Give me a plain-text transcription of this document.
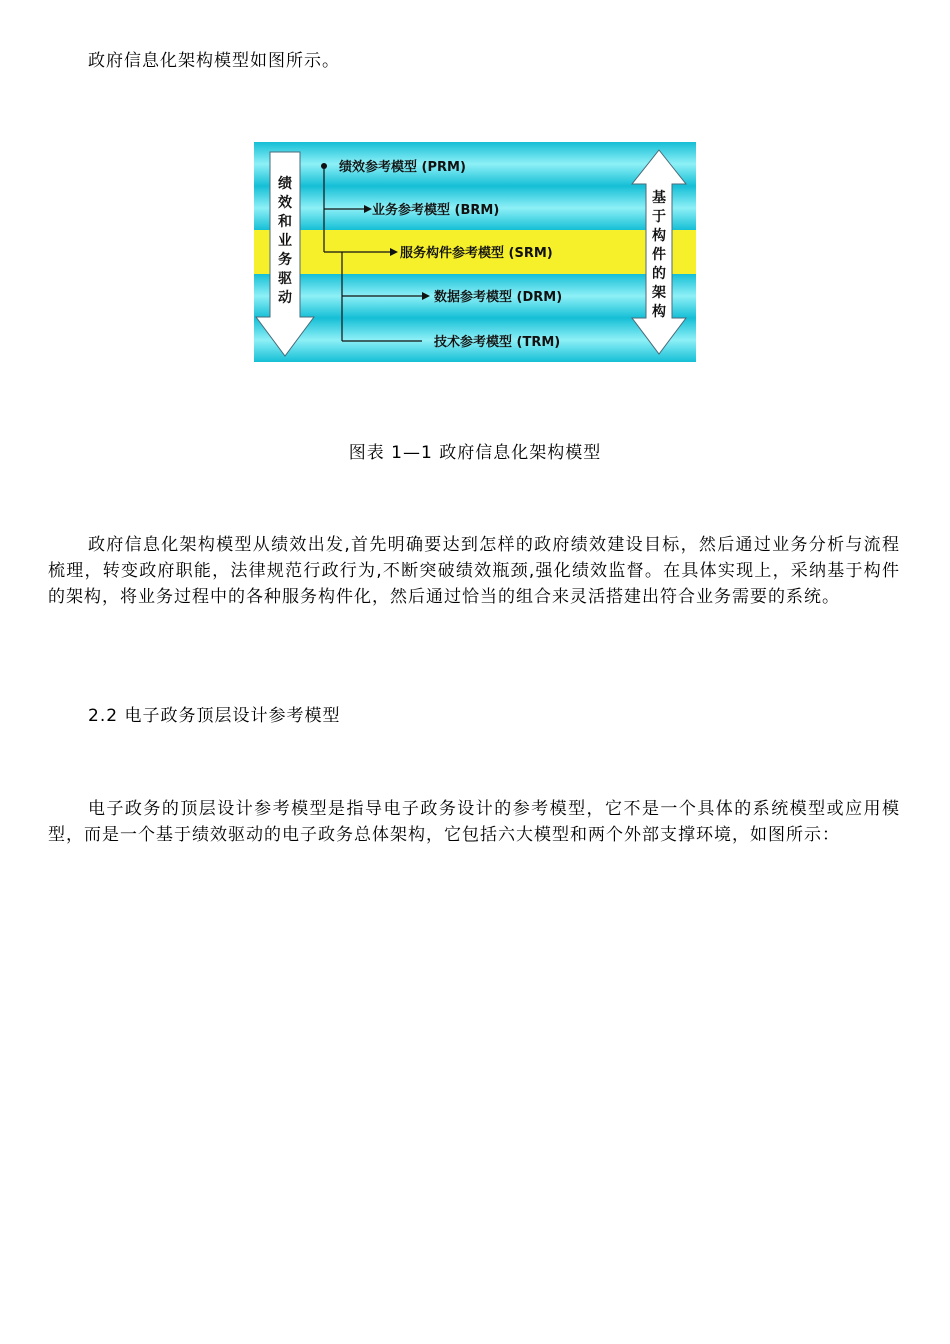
政府信息化架构模型如图所示。

绩效和业务驱动
基于构件的架构
绩效参考模型 (PRM)
业务参考模型 (BRM)
服务构件参考模型 (SRM)
数据参考模型 (DRM)
技术参考模型 (TRM)
图表 1—1 政府信息化架构模型

政府信息化架构模型从绩效出发,首先明确要达到怎样的政府绩效建设目标，然后通过业务分析与流程梳理，转变政府职能，法律规范行政行为,不断突破绩效瓶颈,强化绩效监督。在具体实现上，采纳基于构件的架构，将业务过程中的各种服务构件化，然后通过恰当的组合来灵活搭建出符合业务需要的系统。

2.2 电子政务顶层设计参考模型

电子政务的顶层设计参考模型是指导电子政务设计的参考模型，它不是一个具体的系统模型或应用模型，而是一个基于绩效驱动的电子政务总体架构，它包括六大模型和两个外部支撑环境，如图所示：
